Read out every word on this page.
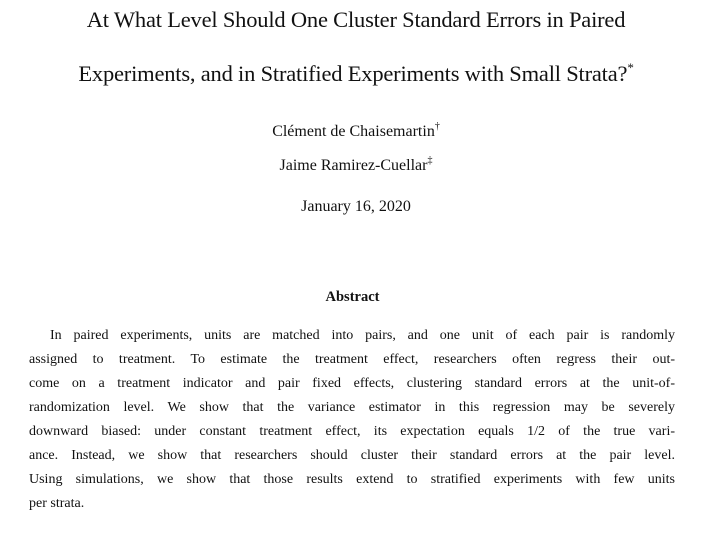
At What Level Should One Cluster Standard Errors in Paired
Experiments, and in Stratified Experiments with Small Strata?*
Clément de Chaisemartin†
Jaime Ramirez-Cuellar‡
January 16, 2020
Abstract
In paired experiments, units are matched into pairs, and one unit of each pair is randomly
assigned to treatment. To estimate the treatment effect, researchers often regress their out-
come on a treatment indicator and pair fixed effects, clustering standard errors at the unit-of-
randomization level. We show that the variance estimator in this regression may be severely
downward biased: under constant treatment effect, its expectation equals 1/2 of the true vari-
ance. Instead, we show that researchers should cluster their standard errors at the pair level.
Using simulations, we show that those results extend to stratified experiments with few units
per strata.
